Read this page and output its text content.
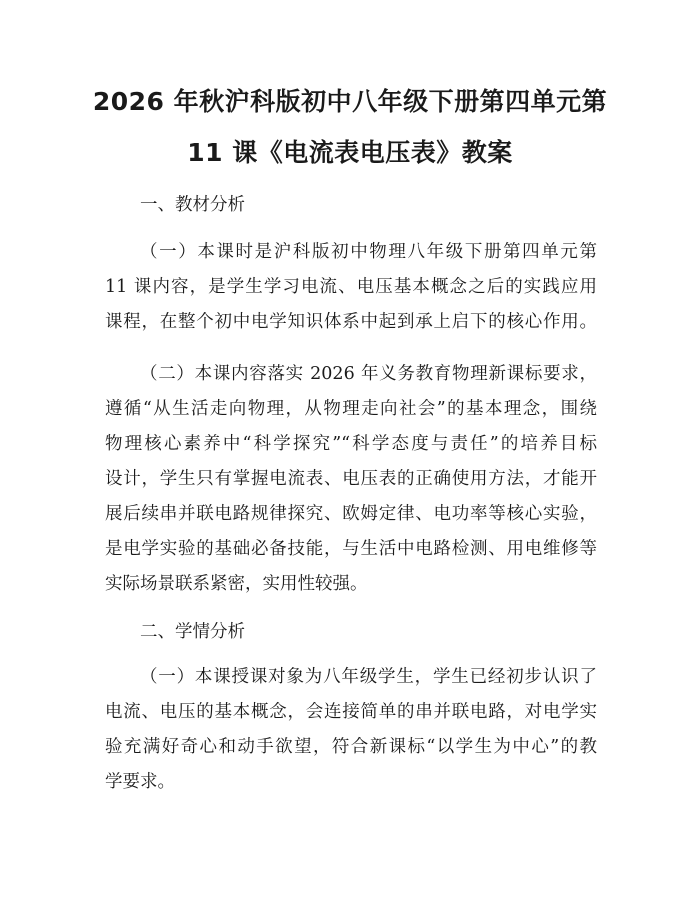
2026 年秋沪科版初中八年级下册第四单元第
11 课《电流表电压表》教案
一、教材分析
（一）本课时是沪科版初中物理八年级下册第四单元第
11 课内容，是学生学习电流、电压基本概念之后的实践应用
课程，在整个初中电学知识体系中起到承上启下的核心作用。
（二）本课内容落实 2026 年义务教育物理新课标要求，
遵循“从生活走向物理，从物理走向社会”的基本理念，围绕
物理核心素养中“科学探究”“科学态度与责任”的培养目标
设计，学生只有掌握电流表、电压表的正确使用方法，才能开
展后续串并联电路规律探究、欧姆定律、电功率等核心实验，
是电学实验的基础必备技能，与生活中电路检测、用电维修等
实际场景联系紧密，实用性较强。
二、学情分析
（一）本课授课对象为八年级学生，学生已经初步认识了
电流、电压的基本概念，会连接简单的串并联电路，对电学实
验充满好奇心和动手欲望，符合新课标“以学生为中心”的教
学要求。
